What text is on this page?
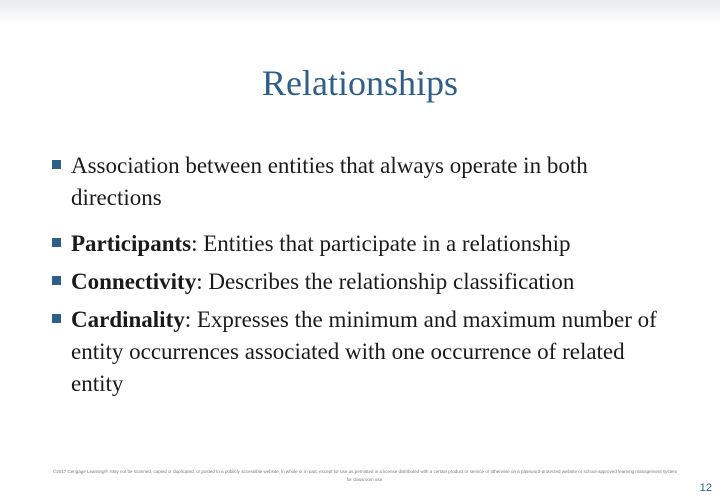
Relationships
Association between entities that always operate in both directions
Participants: Entities that participate in a relationship
Connectivity: Describes the relationship classification
Cardinality: Expresses the minimum and maximum number of entity occurrences associated with one occurrence of related entity
©2017 Cengage Learning®. May not be scanned, copied or duplicated, or posted to a publicly accessible website, in whole or in part, except for use as permitted in a license distributed with a certain product or service or otherwise on a password-protected website or school-approved learning management system for classroom use.
12
